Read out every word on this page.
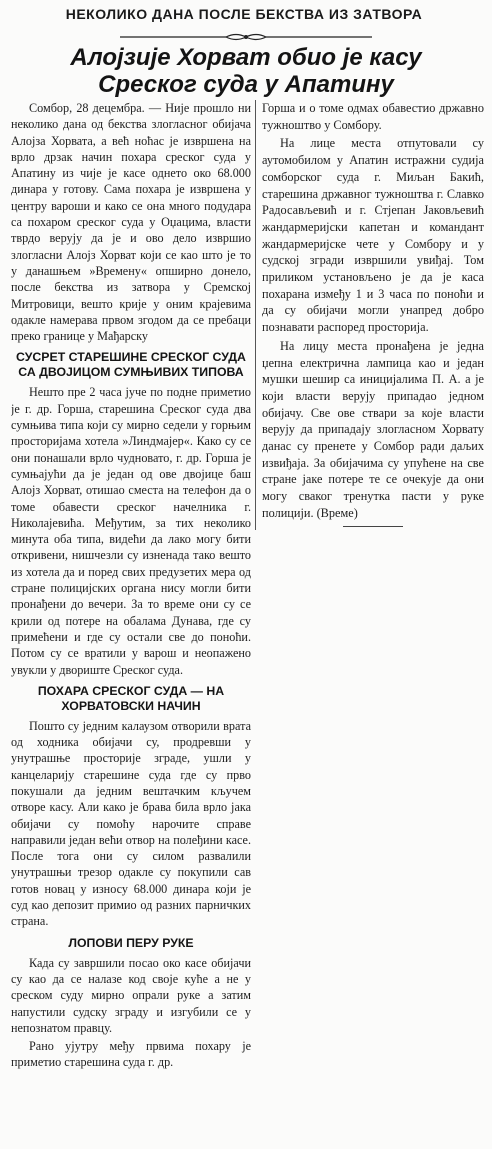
НЕКОЛИКО ДАНА ПОСЛЕ БЕКСТВА ИЗ ЗАТВОРА
Алојзије Хорват обио је касу
Среског суда у Апатину

Сомбор, 28 децембра. — Није прошло ни неколико дана од бекства злогласног обијача Алојза Хорвата, а већ ноћас је извршена на врло дрзак начин похара среског суда у Апатину из чије је касе однето око 68.000 динара у готову. Сама похара је извршена у центру вароши и како се она много подудара са похаром среског суда у Оџацима, власти тврдо верују да је и ово дело извршио злогласни Алојз Хорват који се као што је то у данашњем »Времену« опширно донело, после бекства из затвора у Сремској Митровици, вешто крије у оним крајевима одакле намерава првом згодом да се пребаци преко границе у Мађарску

СУСРЕТ СТАРЕШИНЕ СРЕСКОГ СУДА СА ДВОЈИЦОМ СУМЊИВИХ ТИПОВА

Нешто пре 2 часа јуче по подне приметио је г. др. Горша, старешина Среског суда два сумњива типа који су мирно седели у горњим просторијама хотела »Линдмајер«. Како су се они понашали врло чудновато, г. др. Горша је сумњајући да је један од ове двојице баш Алојз Хорват, отишао сместа на телефон да о томе обавести среског начелника г. Николајевића. Међутим, за тих неколико минута оба типа, видећи да лако могу бити откривени, нишчезли су изненада тако вешто из хотела да и поред свих предузетих мера од стране полицијских органа нису могли бити пронађени до вечери. За то време они су се крили од потере на обалама Дунава, где су примећени и где су остали све до поноћи. Потом су се вратили у варош и неопажено увукли у двориште Среског суда.

ПОХАРА СРЕСКОГ СУДА — НА ХОРВАТОВСКИ НАЧИН

Пошто су једним калаузом отворили врата од ходника обијачи су, продревши у унутрашње просторије зграде, ушли у канцеларију старешине суда где су прво покушали да једним вештачким кључем отворе касу. Али како је брава била врло јака обијачи су помоћу нарочите справе направили један већи отвор на полеђини касе. После тога они су силом развалили унутрашњи трезор одакле су покупили сав готов новац у износу 68.000 динара који је суд као депозит примио од разних парничких страна.

ЛОПОВИ ПЕРУ РУКЕ

Када су завршили посао око касе обијачи су као да се налазе код своје куће а не у среском суду мирно опрали руке а затим напустили судску зграду и изгубили се у непознатом правцу.

Рано ујутру међу првима похару је приметио старешина суда г. др.

Горша и о томе одмах обавестио државно тужноштво у Сомбору.

На лице места отпутовали су аутомобилом у Апатин истражни судија сомборског суда г. Миљан Бакић, старешина државног тужноштва г. Славко Радосављевић и г. Стјепан Јаковљевић жандармеријски капетан и командант жандармеријске чете у Сомбору и у судској згради извршили увиђај. Том приликом установљено је да је каса похарана између 1 и 3 часа по поноћи и да су обијачи могли унапред добро познавати распоред просторија.

На лицу места пронађена је једна џепна електрична лампица као и један мушки шешир са иницијалима П. А. а је који власти верују припадао једном обијачу. Све ове ствари за које власти верују да припадају злогласном Хорвату данас су пренете у Сомбор ради даљих извиђаја. За обијачима су упућене на све стране јаке потере те се очекује да они могу сваког тренутка пасти у руке полицији. (Време)
